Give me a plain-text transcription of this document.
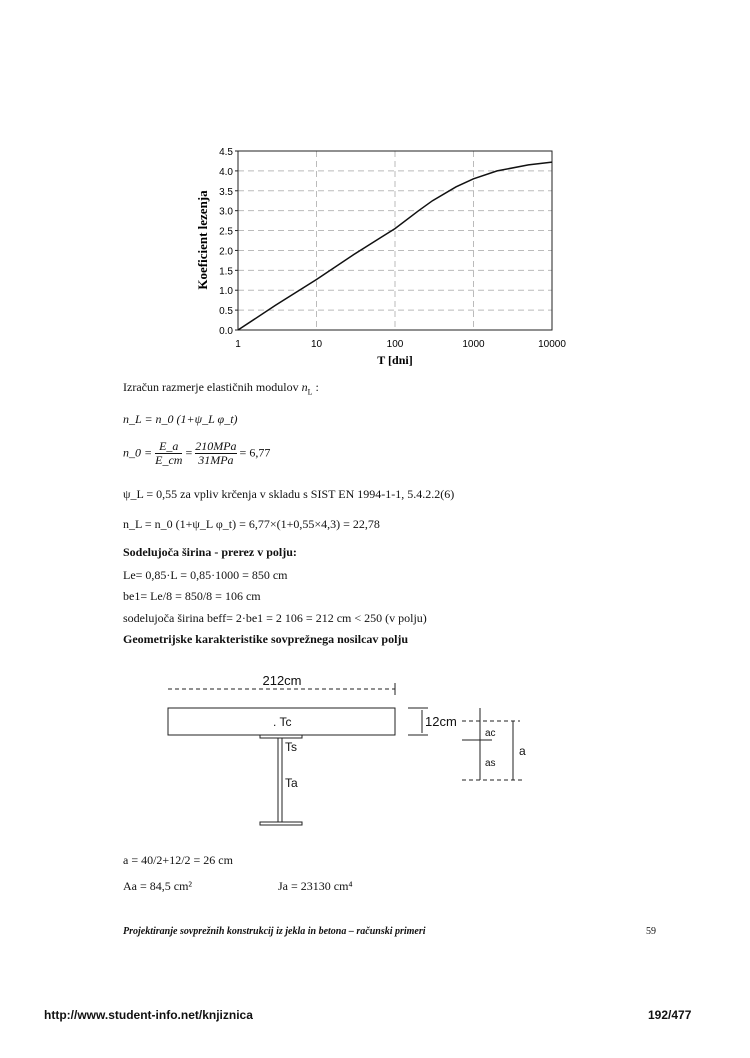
0.0
0.5
1.0
1.5
2.0
2.5
3.0
3.5
4.0
4.5
1	10	100	1000	10000
T [dni]
Koeficient lezenja
Izračun razmerje elastičnih modulov $n_L$ :
n_L = n_0 (1+ψ_L φ_t)
n_0 = $\frac{E\_a}{E\_cm} = \frac{\text{210MPa}}{\text{31MPa}} = 6,77$
ψ_L = 0,55 za vpliv krčenja v skladu s SIST EN 1994-1-1, 5.4.2.2(6)
n_L = n_0 (1+ψ_L φ_t) = 6,77×(1+0,55×4,3) = 22,78
Sodelujoča širina - prerez v polju:
Le= 0,85·L = 0,85·1000 = 850 cm
be1= Le/8 = 850/8 = 106 cm
sodelujoča širina beff= 2·be1 = 2 106 = 212 cm < 250 (v polju)
Geometrijske karakteristike sovprežnega nosilcav polju
212cm
. Tc
Ts
Ta
12cm
ac
as
a
a = 40/2+12/2 = 26 cm
Aa = 84,5 cm²	Ja = 23130 cm⁴
Projektiranje sovprežnih konstrukcij iz jekla in betona – računski primeri	59
http://www.student-info.net/knjiznica	192/477
